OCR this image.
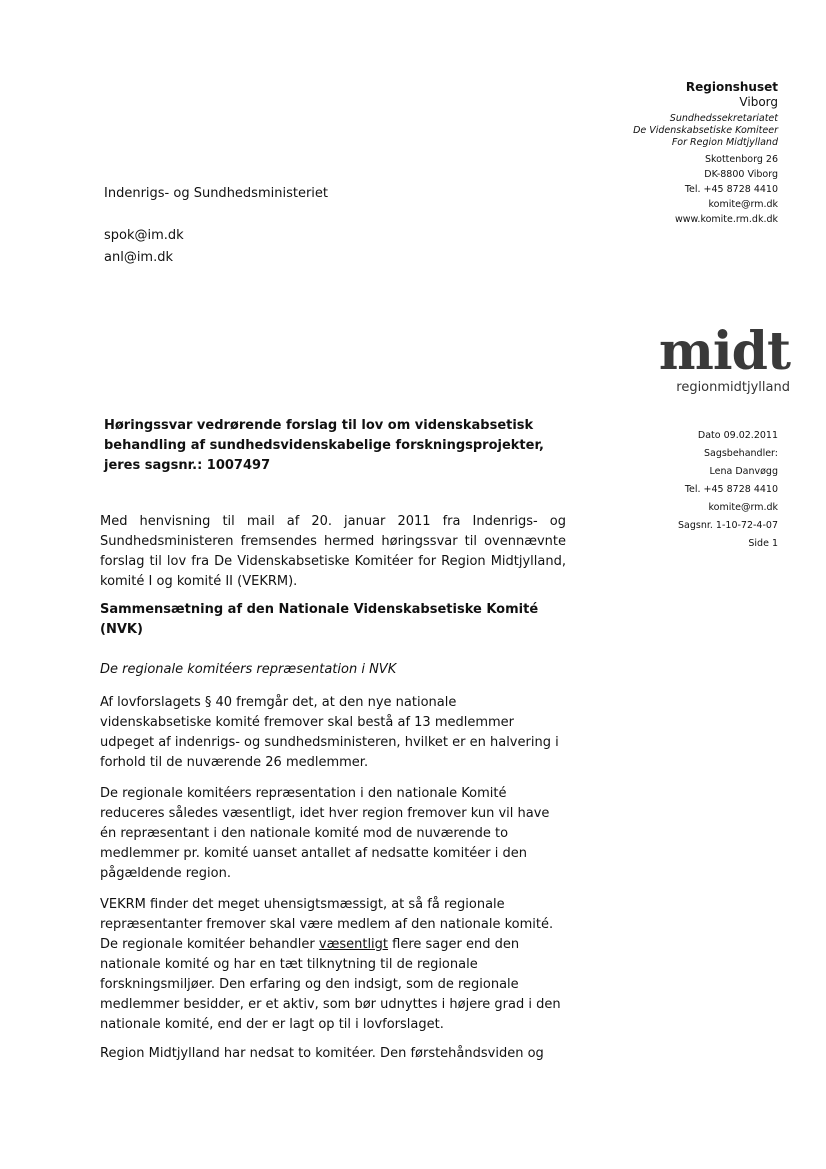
Regionshuset
Viborg
Sundhedssekretariatet
De Videnskabsetiske Komiteer
For Region Midtjylland
Skottenborg 26
DK-8800 Viborg
Tel. +45 8728 4410
komite@rm.dk
www.komite.rm.dk.dk
Indenrigs- og Sundhedsministeriet
spok@im.dk
anl@im.dk
midt
regionmidtjylland
Dato 09.02.2011
Sagsbehandler:
Lena Danvøgg
Tel. +45 8728 4410
komite@rm.dk
Sagsnr. 1-10-72-4-07
Side 1
Høringssvar vedrørende forslag til lov om videnskabsetisk behandling af sundhedsvidenskabelige forskningsprojekter, jeres sagsnr.: 1007497
Med henvisning til mail af 20. januar 2011 fra Indenrigs- og Sundhedsministeren fremsendes hermed høringssvar til ovennævnte forslag til lov fra De Videnskabsetiske Komitéer for Region Midtjylland, komité I og komité II (VEKRM).
Sammensætning af den Nationale Videnskabsetiske Komité (NVK)
De regionale komitéers repræsentation i NVK
Af lovforslagets § 40 fremgår det, at den nye nationale videnskabsetiske komité fremover skal bestå af 13 medlemmer udpeget af indenrigs- og sundhedsministeren, hvilket er en halvering i forhold til de nuværende 26 medlemmer.
De regionale komitéers repræsentation i den nationale Komité reduceres således væsentligt, idet hver region fremover kun vil have én repræsentant i den nationale komité mod de nuværende to medlemmer pr. komité uanset antallet af nedsatte komitéer i den pågældende region.
VEKRM finder det meget uhensigtsmæssigt, at så få regionale repræsentanter fremover skal være medlem af den nationale komité. De regionale komitéer behandler væsentligt flere sager end den nationale komité og har en tæt tilknytning til de regionale forskningsmiljøer. Den erfaring og den indsigt, som de regionale medlemmer besidder, er et aktiv, som bør udnyttes i højere grad i den nationale komité, end der er lagt op til i lovforslaget.
Region Midtjylland har nedsat to komitéer. Den førstehåndsviden og
